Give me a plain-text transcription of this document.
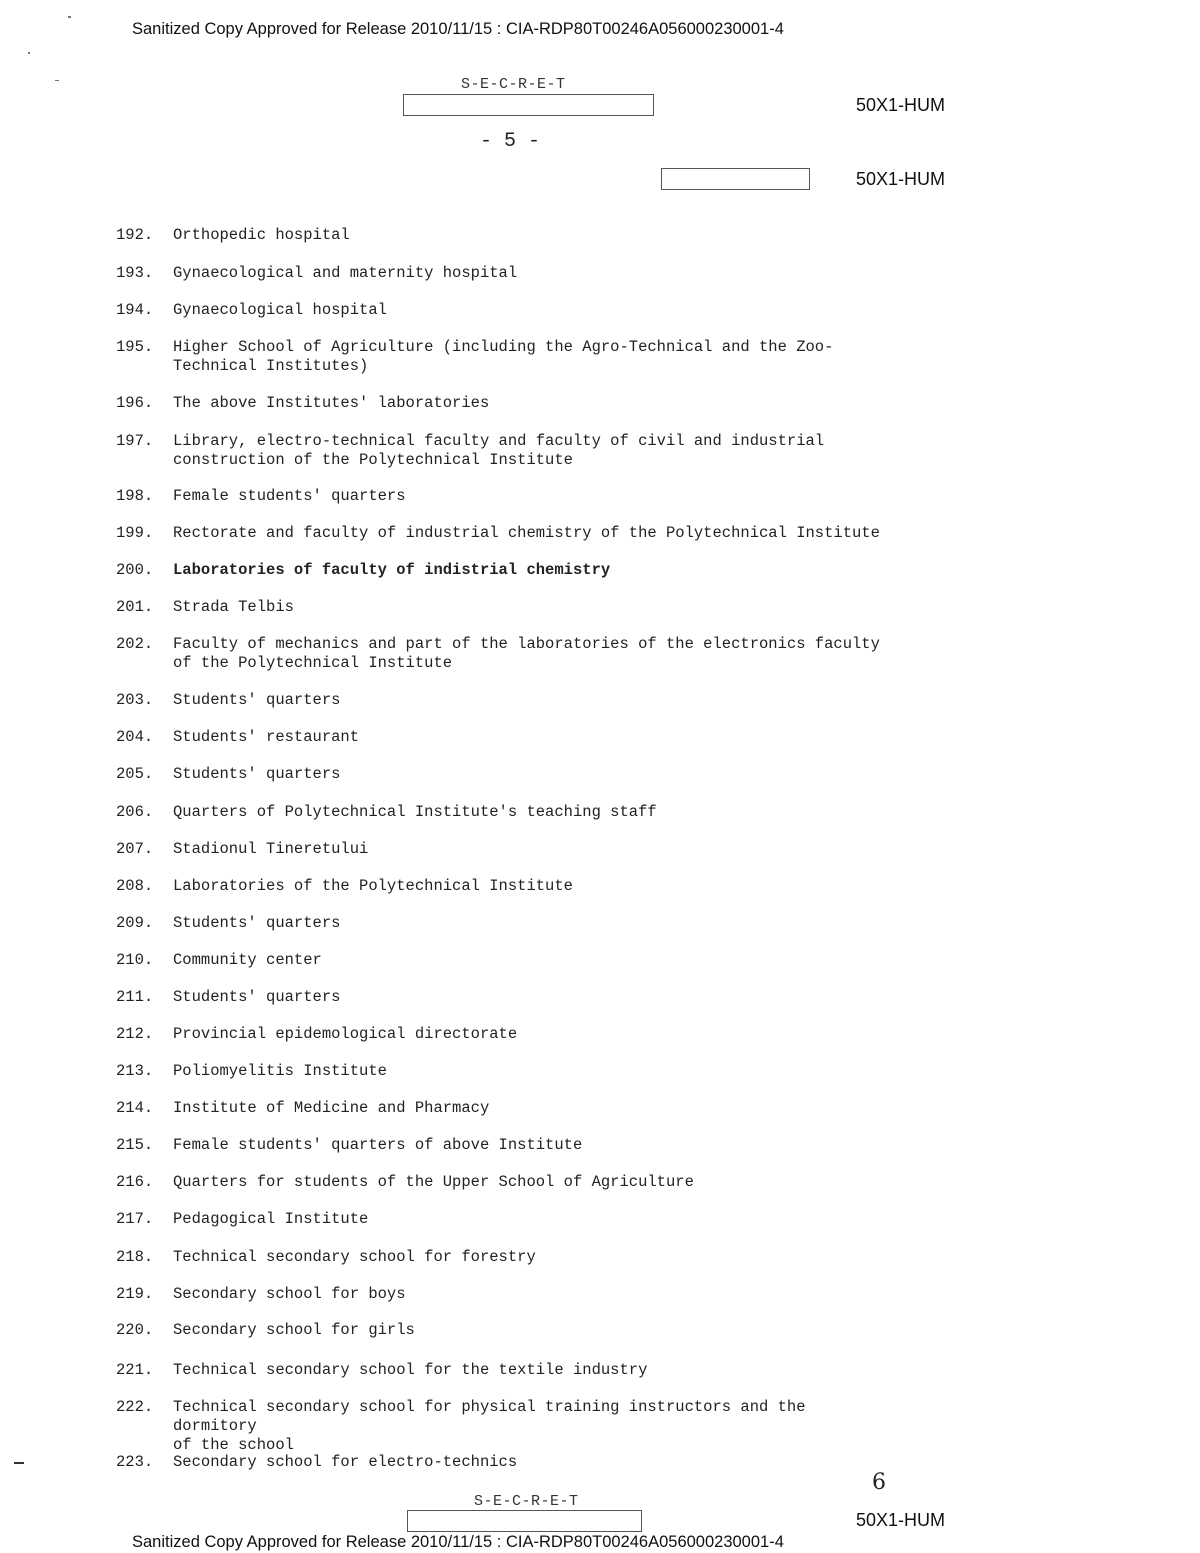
Sanitized Copy Approved for Release 2010/11/15 : CIA-RDP80T00246A056000230001-4
S-E-C-R-E-T
50X1-HUM
- 5 -
50X1-HUM
192.	Orthopedic hospital
193.	Gynaecological and maternity hospital
194.	Gynaecological hospital
195.	Higher School of Agriculture (including the Agro-Technical and the Zoo-
Technical Institutes)
196.	The above Institutes' laboratories
197.	Library, electro-technical faculty and faculty of civil and industrial
construction of the Polytechnical Institute
198.	Female students' quarters
199.	Rectorate and faculty of industrial chemistry of the Polytechnical Institute
200.	Laboratories of faculty of indistrial chemistry
201.	Strada Telbis
202.	Faculty of mechanics and part of the laboratories of the electronics faculty
of the Polytechnical Institute
203.	Students' quarters
204.	Students' restaurant
205.	Students' quarters
206.	Quarters of Polytechnical Institute's teaching staff
207.	Stadionul Tineretului
208.	Laboratories of the Polytechnical Institute
209.	Students' quarters
210.	Community center
211.	Students' quarters
212.	Provincial epidemological directorate
213.	Poliomyelitis Institute
214.	Institute of Medicine and Pharmacy
215.	Female students' quarters of above Institute
216.	Quarters for students of the Upper School of Agriculture
217.	Pedagogical Institute
218.	Technical secondary school for forestry
219.	Secondary school for boys
220.	Secondary school for girls
221.	Technical secondary school for the textile industry
222.	Technical secondary school for physical training instructors and the dormitory
of the school
223.	Secondary school for electro-technics
6
S-E-C-R-E-T
50X1-HUM
Sanitized Copy Approved for Release 2010/11/15 : CIA-RDP80T00246A056000230001-4
